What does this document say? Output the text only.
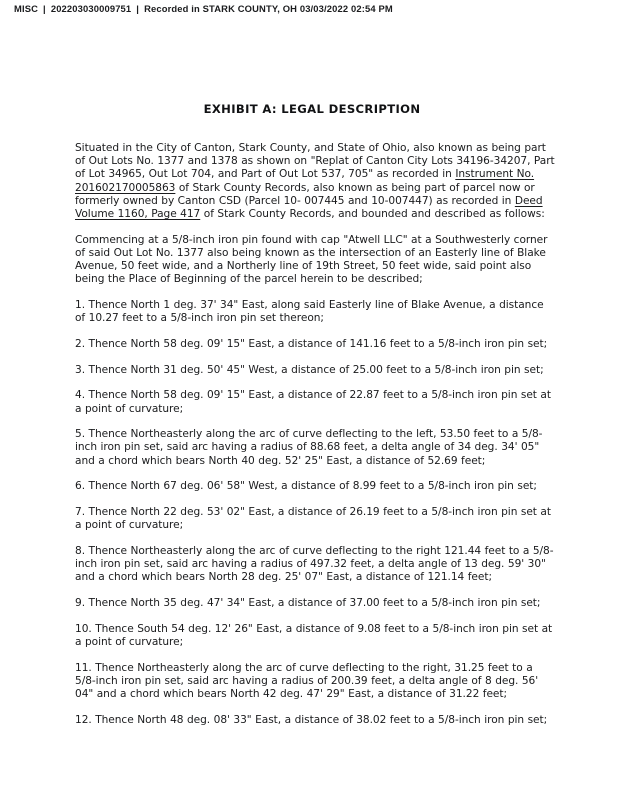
MISC | 202203030009751 | Recorded in STARK COUNTY, OH 03/03/2022 02:54 PM
EXHIBIT A: LEGAL DESCRIPTION

Situated in the City of Canton, Stark County, and State of Ohio, also known as being part of Out Lots No. 1377 and 1378 as shown on "Replat of Canton City Lots 34196-34207, Part of Lot 34965, Out Lot 704, and Part of Out Lot 537, 705" as recorded in Instrument No. 201602170005863 of Stark County Records, also known as being part of parcel now or formerly owned by Canton CSD (Parcel 10- 007445 and 10-007447) as recorded in Deed Volume 1160, Page 417 of Stark County Records, and bounded and described as follows:

Commencing at a 5/8-inch iron pin found with cap "Atwell LLC" at a Southwesterly corner of said Out Lot No. 1377 also being known as the intersection of an Easterly line of Blake Avenue, 50 feet wide, and a Northerly line of 19th Street, 50 feet wide, said point also being the Place of Beginning of the parcel herein to be described;

1. Thence North 1 deg. 37' 34" East, along said Easterly line of Blake Avenue, a distance of 10.27 feet to a 5/8-inch iron pin set thereon;

2. Thence North 58 deg. 09' 15" East, a distance of 141.16 feet to a 5/8-inch iron pin set;

3. Thence North 31 deg. 50' 45" West, a distance of 25.00 feet to a 5/8-inch iron pin set;

4. Thence North 58 deg. 09' 15" East, a distance of 22.87 feet to a 5/8-inch iron pin set at a point of curvature;

5. Thence Northeasterly along the arc of curve deflecting to the left, 53.50 feet to a 5/8-inch iron pin set, said arc having a radius of 88.68 feet, a delta angle of 34 deg. 34' 05" and a chord which bears North 40 deg. 52' 25" East, a distance of 52.69 feet;

6. Thence North 67 deg. 06' 58" West, a distance of 8.99 feet to a 5/8-inch iron pin set;

7. Thence North 22 deg. 53' 02" East, a distance of 26.19 feet to a 5/8-inch iron pin set at a point of curvature;

8. Thence Northeasterly along the arc of curve deflecting to the right 121.44 feet to a 5/8-inch iron pin set, said arc having a radius of 497.32 feet, a delta angle of 13 deg. 59' 30" and a chord which bears North 28 deg. 25' 07" East, a distance of 121.14 feet;

9. Thence North 35 deg. 47' 34" East, a distance of 37.00 feet to a 5/8-inch iron pin set;

10. Thence South 54 deg. 12' 26" East, a distance of 9.08 feet to a 5/8-inch iron pin set at a point of curvature;

11. Thence Northeasterly along the arc of curve deflecting to the right, 31.25 feet to a 5/8-inch iron pin set, said arc having a radius of 200.39 feet, a delta angle of 8 deg. 56' 04" and a chord which bears North 42 deg. 47' 29" East, a distance of 31.22 feet;

12. Thence North 48 deg. 08' 33" East, a distance of 38.02 feet to a 5/8-inch iron pin set;
